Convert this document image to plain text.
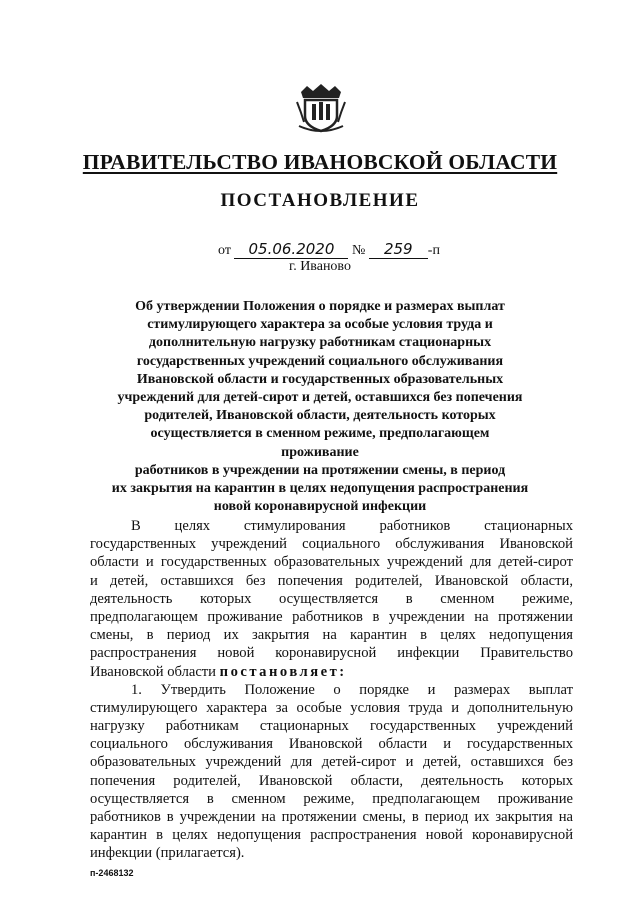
ПРАВИТЕЛЬСТВО ИВАНОВСКОЙ ОБЛАСТИ
ПОСТАНОВЛЕНИЕ
от 05.06.2020 № 259 -п
г. Иваново
Об утверждении Положения о порядке и размерах выплат
стимулирующего характера за особые условия труда и
дополнительную нагрузку работникам стационарных
государственных учреждений социального обслуживания
Ивановской области и государственных образовательных
учреждений для детей-сирот и детей, оставшихся без попечения
родителей, Ивановской области, деятельность которых
осуществляется в сменном режиме, предполагающем проживание
работников в учреждении на протяжении смены, в период
их закрытия на карантин в целях недопущения распространения
новой коронавирусной инфекции
В целях стимулирования работников стационарных
государственных учреждений социального обслуживания Ивановской
области и государственных образовательных учреждений для детей-сирот
и детей, оставшихся без попечения родителей, Ивановской области,
деятельность которых осуществляется в сменном режиме,
предполагающем проживание работников в учреждении на протяжении
смены, в период их закрытия на карантин в целях недопущения
распространения новой коронавирусной инфекции Правительство
Ивановской области постановляет:
1. Утвердить Положение о порядке и размерах выплат
стимулирующего характера за особые условия труда и дополнительную
нагрузку работникам стационарных государственных учреждений
социального обслуживания Ивановской области и государственных
образовательных учреждений для детей-сирот и детей, оставшихся без
попечения родителей, Ивановской области, деятельность которых
осуществляется в сменном режиме, предполагающем проживание
работников в учреждении на протяжении смены, в период их закрытия на
карантин в целях недопущения распространения новой коронавирусной
инфекции (прилагается).
п-2468132
